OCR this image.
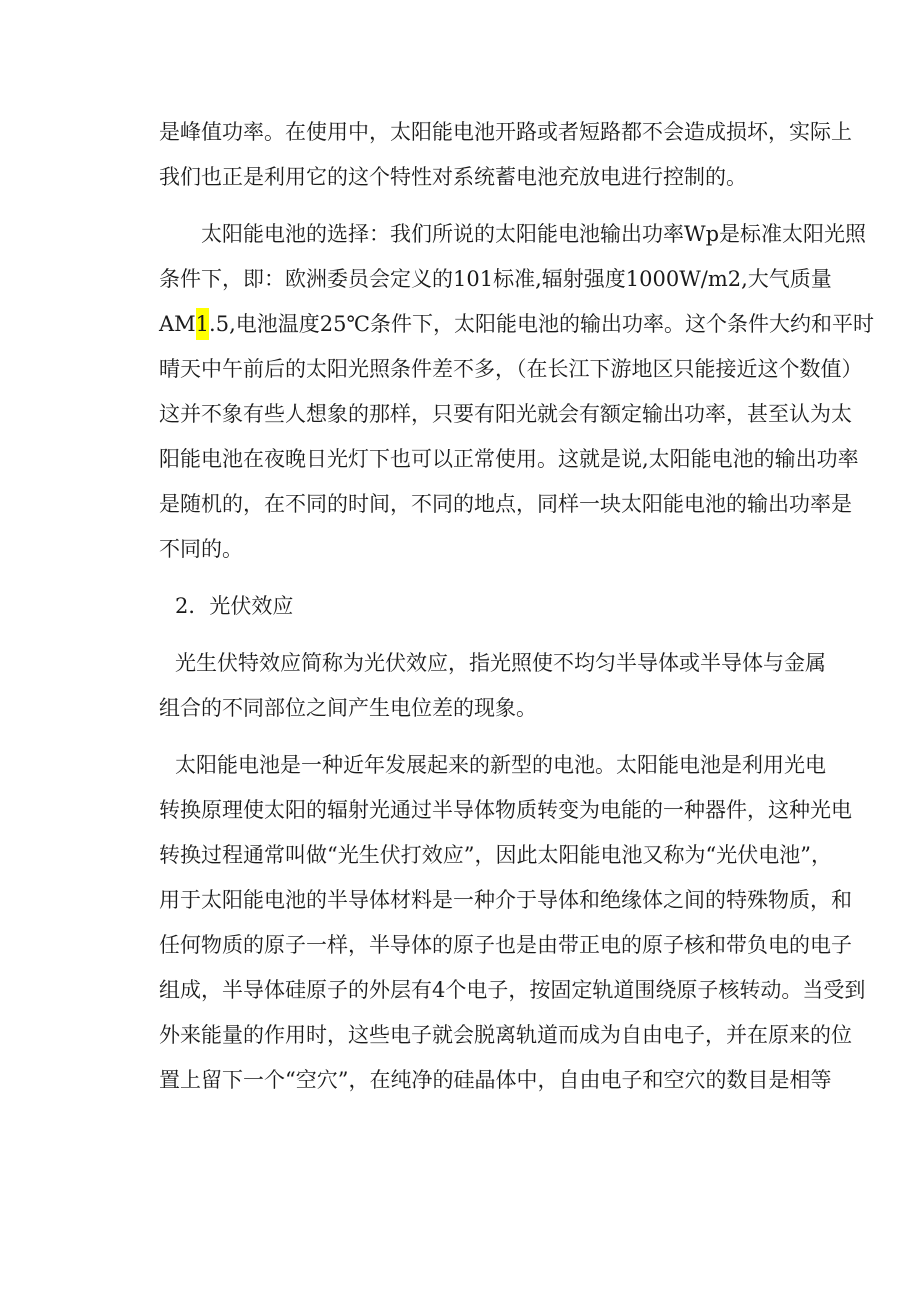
是峰值功率。在使用中，太阳能电池开路或者短路都不会造成损坏，实际上
我们也正是利用它的这个特性对系统蓄电池充放电进行控制的。
太阳能电池的选择：我们所说的太阳能电池输出功率Wp是标准太阳光照
条件下，即：欧洲委员会定义的101标准,辐射强度1000W/m2,大气质量
AM1.5,电池温度25℃条件下，太阳能电池的输出功率。这个条件大约和平时
晴天中午前后的太阳光照条件差不多，（在长江下游地区只能接近这个数值）
这并不象有些人想象的那样，只要有阳光就会有额定输出功率，甚至认为太
阳能电池在夜晚日光灯下也可以正常使用。这就是说,太阳能电池的输出功率
是随机的，在不同的时间，不同的地点，同样一块太阳能电池的输出功率是
不同的。
2．光伏效应
光生伏特效应简称为光伏效应，指光照使不均匀半导体或半导体与金属
组合的不同部位之间产生电位差的现象。
太阳能电池是一种近年发展起来的新型的电池。太阳能电池是利用光电
转换原理使太阳的辐射光通过半导体物质转变为电能的一种器件，这种光电
转换过程通常叫做“光生伏打效应”，因此太阳能电池又称为“光伏电池”，
用于太阳能电池的半导体材料是一种介于导体和绝缘体之间的特殊物质，和
任何物质的原子一样，半导体的原子也是由带正电的原子核和带负电的电子
组成，半导体硅原子的外层有4个电子，按固定轨道围绕原子核转动。当受到
外来能量的作用时，这些电子就会脱离轨道而成为自由电子，并在原来的位
置上留下一个“空穴”，在纯净的硅晶体中，自由电子和空穴的数目是相等
